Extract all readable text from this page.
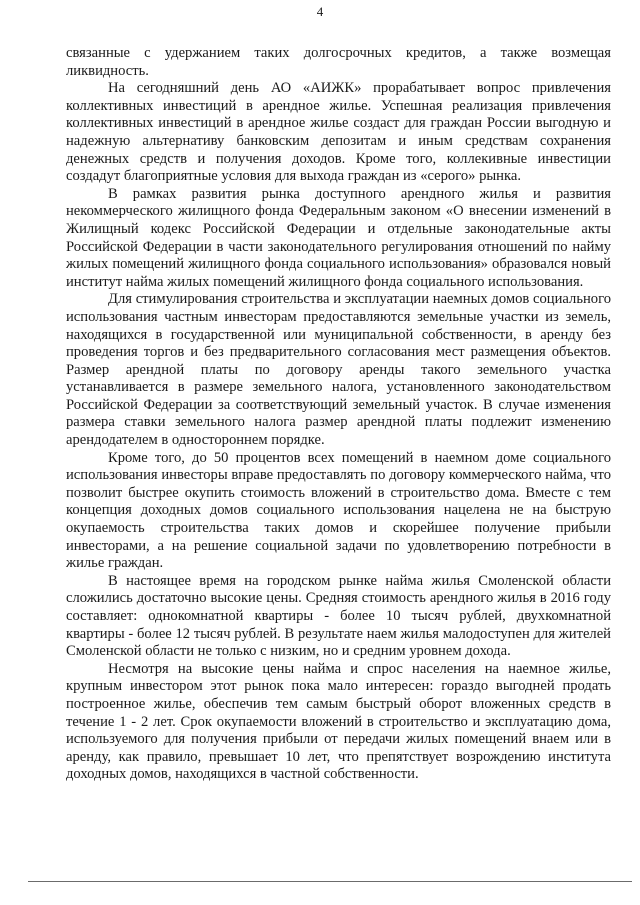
4

связанные с удержанием таких долгосрочных кредитов, а также возмещая ликвидность.

На сегодняшний день АО «АИЖК» прорабатывает вопрос привлечения коллективных инвестиций в арендное жилье. Успешная реализация привлечения коллективных инвестиций в арендное жилье создаст для граждан России выгодную и надежную альтернативу банковским депозитам и иным средствам сохранения денежных средств и получения доходов. Кроме того, коллекивные инвестиции создадут благоприятные условия для выхода граждан из «серого» рынка.

В рамках развития рынка доступного арендного жилья и развития некоммерческого жилищного фонда Федеральным законом «О внесении изменений в Жилищный кодекс Российской Федерации и отдельные законодательные акты Российской Федерации в части законодательного регулирования отношений по найму жилых помещений жилищного фонда социального использования» образовался новый институт найма жилых помещений жилищного фонда социального использования.

Для стимулирования строительства и эксплуатации наемных домов социального использования частным инвесторам предоставляются земельные участки из земель, находящихся в государственной или муниципальной собственности, в аренду без проведения торгов и без предварительного согласования мест размещения объектов. Размер арендной платы по договору аренды такого земельного участка устанавливается в размере земельного налога, установленного законодательством Российской Федерации за соответствующий земельный участок. В случае изменения размера ставки земельного налога размер арендной платы подлежит изменению арендодателем в одностороннем порядке.

Кроме того, до 50 процентов всех помещений в наемном доме социального использования инвесторы вправе предоставлять по договору коммерческого найма, что позволит быстрее окупить стоимость вложений в строительство дома. Вместе с тем концепция доходных домов социального использования нацелена не на быструю окупаемость строительства таких домов и скорейшее получение прибыли инвесторами, а на решение социальной задачи по удовлетворению потребности в жилье граждан.

В настоящее время на городском рынке найма жилья Смоленской области сложились достаточно высокие цены. Средняя стоимость арендного жилья в 2016 году составляет: однокомнатной квартиры - более 10 тысяч рублей, двухкомнатной квартиры - более 12 тысяч рублей. В результате наем жилья малодоступен для жителей Смоленской области не только с низким, но и средним уровнем дохода.

Несмотря на высокие цены найма и спрос населения на наемное жилье, крупным инвестором этот рынок пока мало интересен: гораздо выгодней продать построенное жилье, обеспечив тем самым быстрый оборот вложенных средств в течение 1 - 2 лет. Срок окупаемости вложений в строительство и эксплуатацию дома, используемого для получения прибыли от передачи жилых помещений внаем или в аренду, как правило, превышает 10 лет, что препятствует возрождению института доходных домов, находящихся в частной собственности.
